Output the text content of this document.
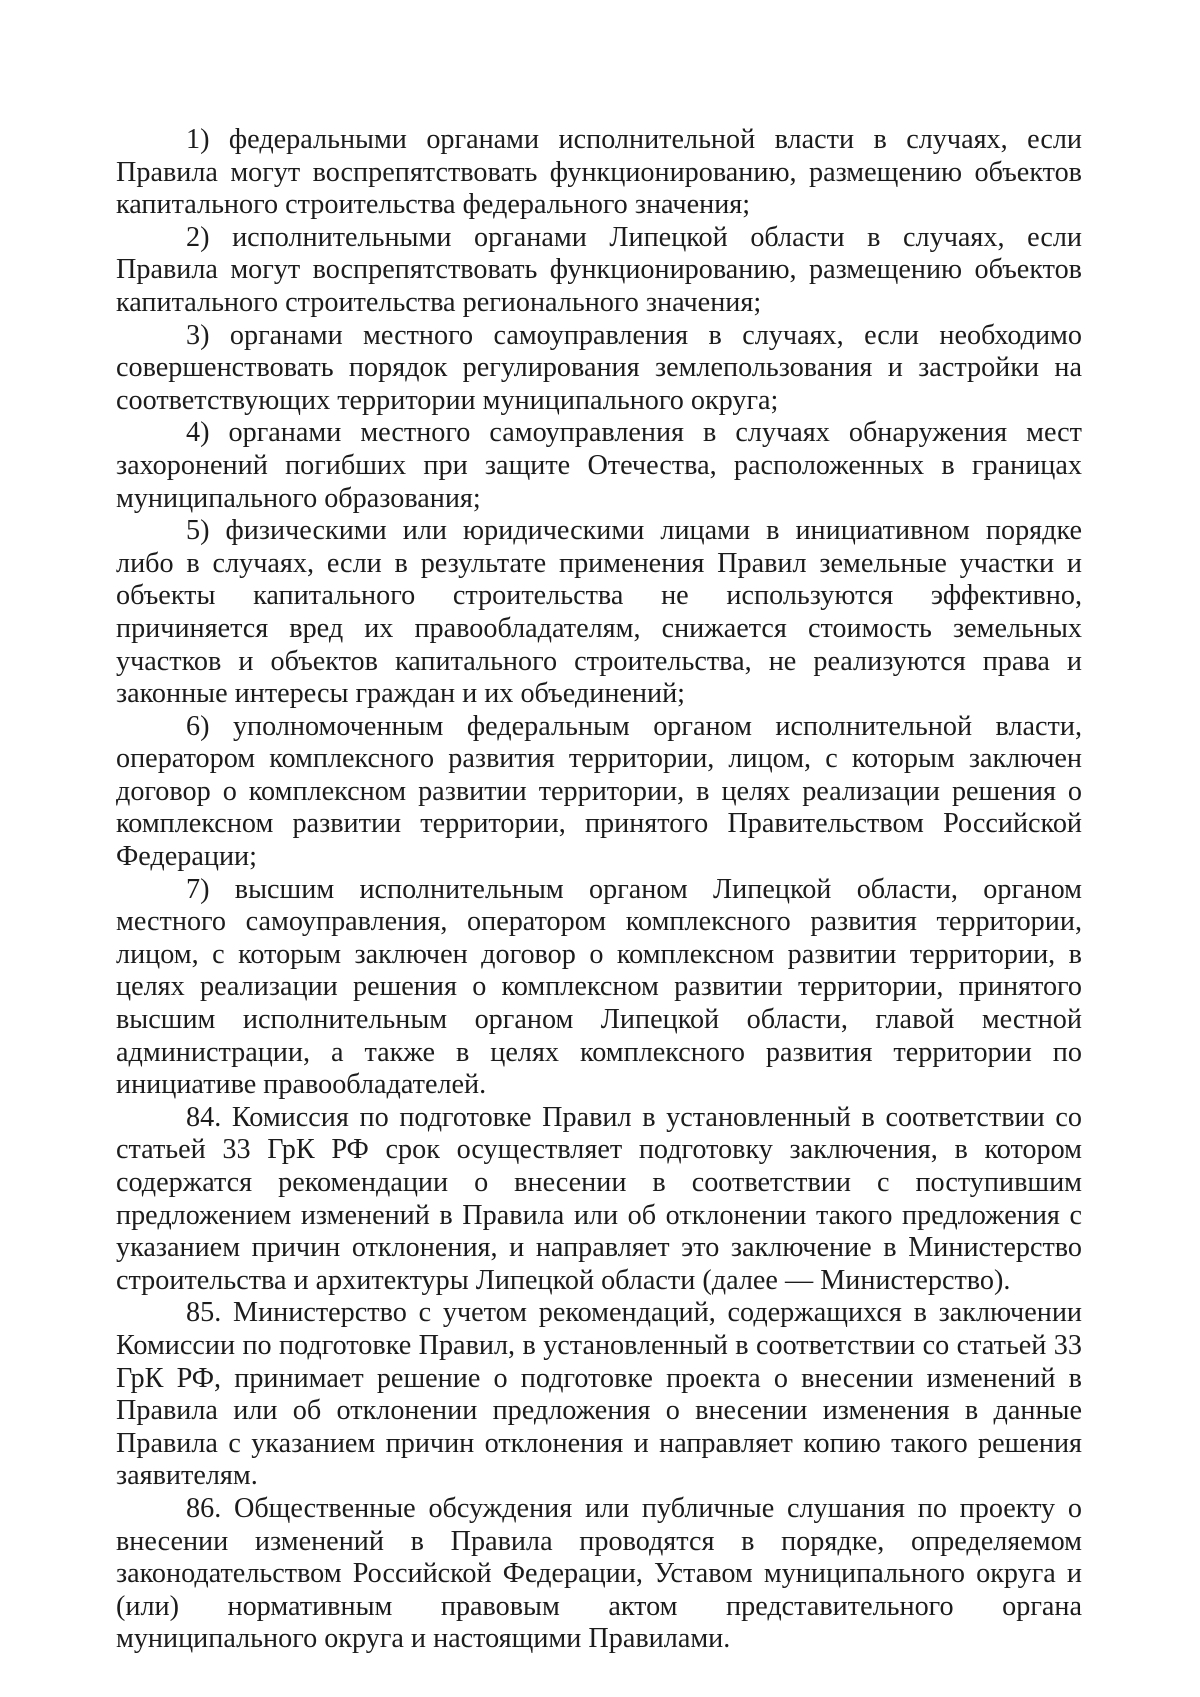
1) федеральными органами исполнительной власти в случаях, если Правила могут воспрепятствовать функционированию, размещению объектов капитального строительства федерального значения;

2) исполнительными органами Липецкой области в случаях, если Правила могут воспрепятствовать функционированию, размещению объектов капитального строительства регионального значения;

3) органами местного самоуправления в случаях, если необходимо совершенствовать порядок регулирования землепользования и застройки на соответствующих территории муниципального округа;

4) органами местного самоуправления в случаях обнаружения мест захоронений погибших при защите Отечества, расположенных в границах муниципального образования;

5) физическими или юридическими лицами в инициативном порядке либо в случаях, если в результате применения Правил земельные участки и объекты капитального строительства не используются эффективно, причиняется вред их правообладателям, снижается стоимость земельных участков и объектов капитального строительства, не реализуются права и законные интересы граждан и их объединений;

6) уполномоченным федеральным органом исполнительной власти, оператором комплексного развития территории, лицом, с которым заключен договор о комплексном развитии территории, в целях реализации решения о комплексном развитии территории, принятого Правительством Российской Федерации;

7) высшим исполнительным органом Липецкой области, органом местного самоуправления, оператором комплексного развития территории, лицом, с которым заключен договор о комплексном развитии территории, в целях реализации решения о комплексном развитии территории, принятого высшим исполнительным органом Липецкой области, главой местной администрации, а также в целях комплексного развития территории по инициативе правообладателей.

84. Комиссия по подготовке Правил в установленный в соответствии со статьей 33 ГрК РФ срок осуществляет подготовку заключения, в котором содержатся рекомендации о внесении в соответствии с поступившим предложением изменений в Правила или об отклонении такого предложения с указанием причин отклонения, и направляет это заключение в Министерство строительства и архитектуры Липецкой области (далее — Министерство).

85. Министерство с учетом рекомендаций, содержащихся в заключении Комиссии по подготовке Правил, в установленный в соответствии со статьей 33 ГрК РФ, принимает решение о подготовке проекта о внесении изменений в Правила или об отклонении предложения о внесении изменения в данные Правила с указанием причин отклонения и направляет копию такого решения заявителям.

86. Общественные обсуждения или публичные слушания по проекту о внесении изменений в Правила проводятся в порядке, определяемом законодательством Российской Федерации, Уставом муниципального округа и (или) нормативным правовым актом представительного органа муниципального округа и настоящими Правилами.
